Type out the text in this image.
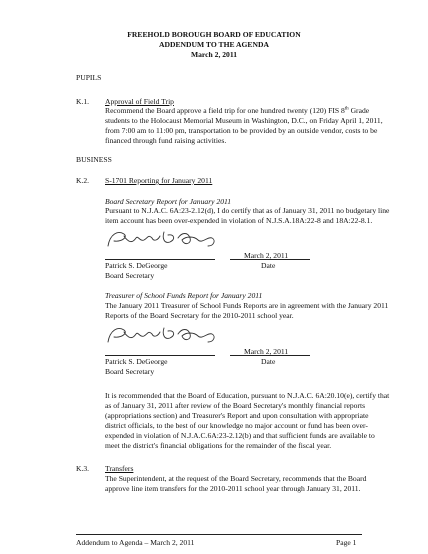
FREEHOLD BOROUGH BOARD OF EDUCATION
ADDENDUM TO THE AGENDA
March 2, 2011
PUPILS
K.1. Approval of Field Trip
Recommend the Board approve a field trip for one hundred twenty (120) FIS 8th Grade
students to the Holocaust Memorial Museum in Washington, D.C., on Friday April 1, 2011,
from 7:00 am to 11:00 pm, transportation to be provided by an outside vendor, costs to be
financed through fund raising activities.
BUSINESS
K.2. S-1701 Reporting for January 2011
Board Secretary Report for January 2011
Pursuant to N.J.A.C. 6A:23-2.12(d), I do certify that as of January 31, 2011 no budgetary line
item account has been over-expended in violation of N.J.S.A.18A:22-8 and 18A:22-8.1.
March 2, 2011
Patrick S. DeGeorge	Date
Board Secretary
Treasurer of School Funds Report for January 2011
The January 2011 Treasurer of School Funds Reports are in agreement with the January 2011
Reports of the Board Secretary for the 2010-2011 school year.
March 2, 2011
Patrick S. DeGeorge	Date
Board Secretary
It is recommended that the Board of Education, pursuant to N.J.A.C. 6A:20.10(e), certify that
as of January 31, 2011 after review of the Board Secretary's monthly financial reports
(appropriations section) and Treasurer's Report and upon consultation with appropriate
district officials, to the best of our knowledge no major account or fund has been over-
expended in violation of N.J.A.C.6A:23-2.12(b) and that sufficient funds are available to
meet the district's financial obligations for the remainder of the fiscal year.
K.3. Transfers
The Superintendent, at the request of the Board Secretary, recommends that the Board
approve line item transfers for the 2010-2011 school year through January 31, 2011.
Addendum to Agenda – March 2, 2011	Page 1
